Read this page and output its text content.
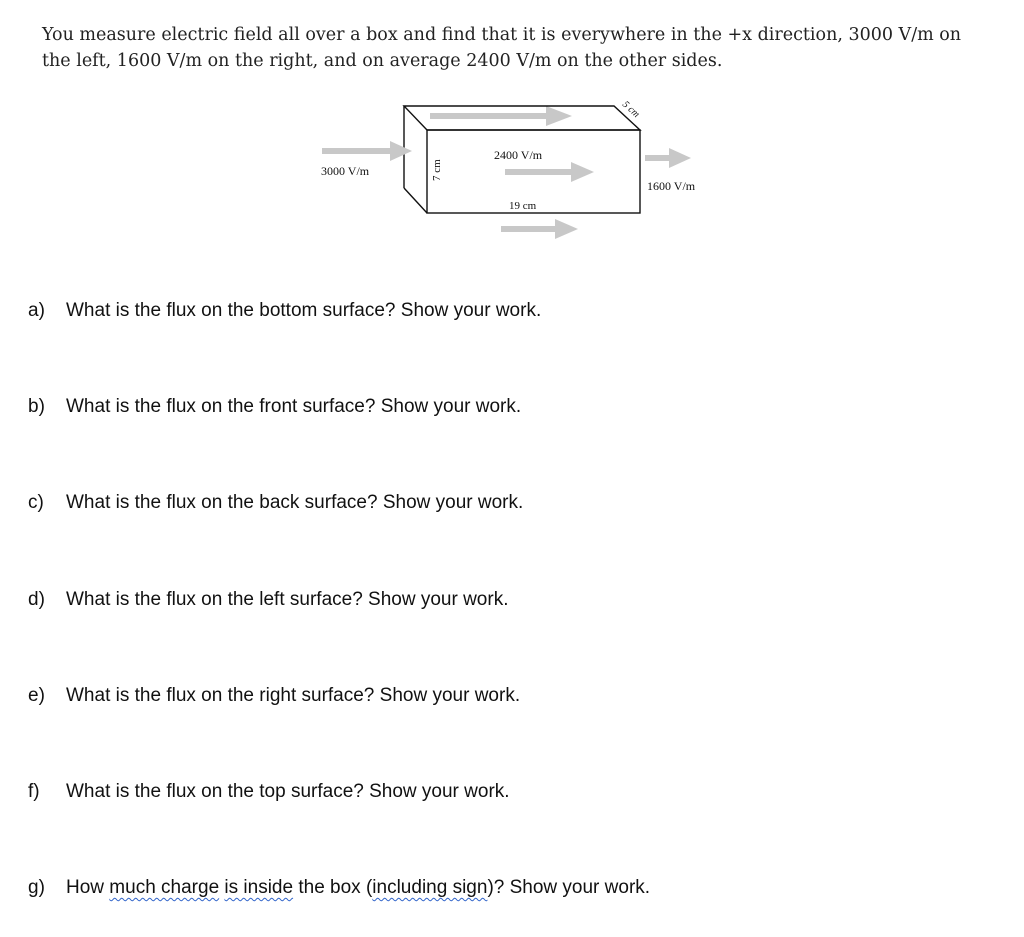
You measure electric field all over a box and find that it is everywhere in the +x direction, 3000 V/m on

the left, 1600 V/m on the right, and on average 2400 V/m on the other sides.

3000 V/m
2400 V/m
1600 V/m
19 cm
7 cm
5 cm
a) What is the flux on the bottom surface? Show your work.
b) What is the flux on the front surface? Show your work.
c) What is the flux on the back surface? Show your work.
d) What is the flux on the left surface? Show your work.
e) What is the flux on the right surface? Show your work.
f) What is the flux on the top surface? Show your work.
g) How much charge is inside the box (including sign)? Show your work.
